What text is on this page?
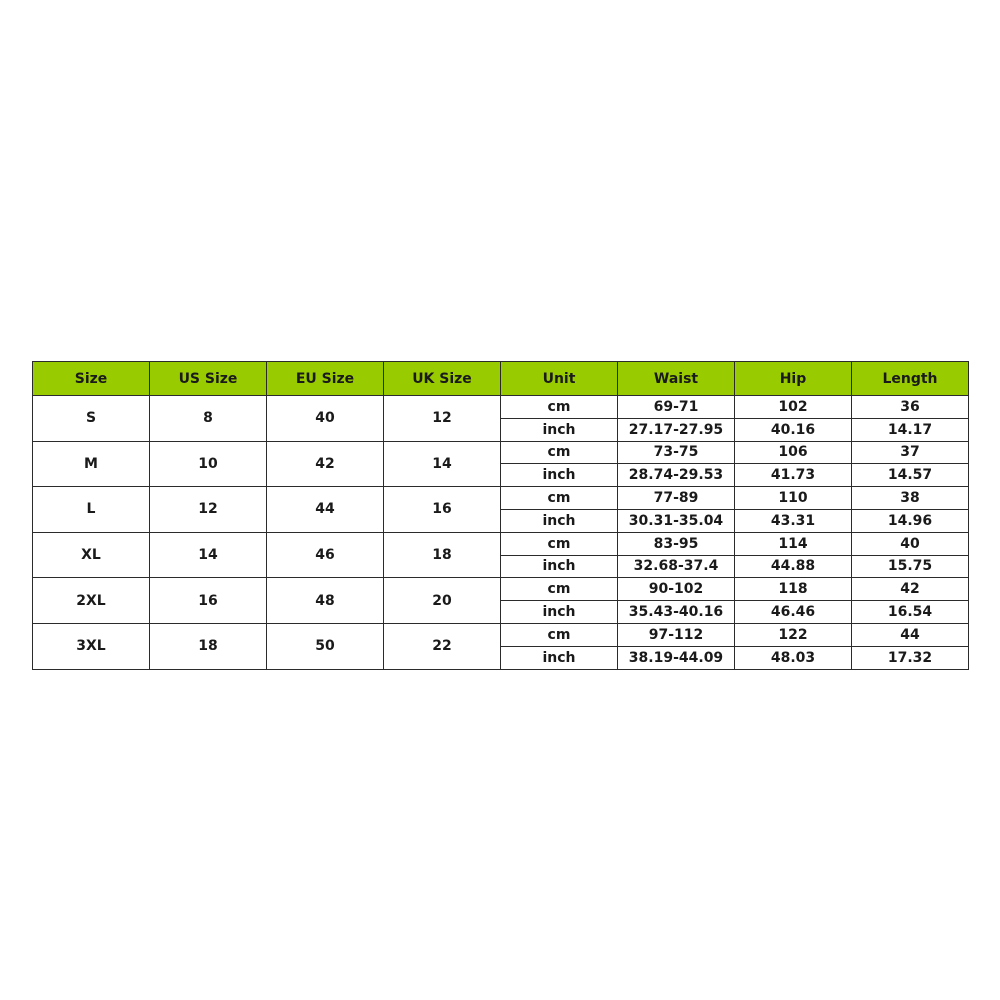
Size	US Size	EU Size	UK Size	Unit	Waist	Hip	Length
S	8	40	12	cm	69-71	102	36
				inch	27.17-27.95	40.16	14.17
M	10	42	14	cm	73-75	106	37
				inch	28.74-29.53	41.73	14.57
L	12	44	16	cm	77-89	110	38
				inch	30.31-35.04	43.31	14.96
XL	14	46	18	cm	83-95	114	40
				inch	32.68-37.4	44.88	15.75
2XL	16	48	20	cm	90-102	118	42
				inch	35.43-40.16	46.46	16.54
3XL	18	50	22	cm	97-112	122	44
				inch	38.19-44.09	48.03	17.32
